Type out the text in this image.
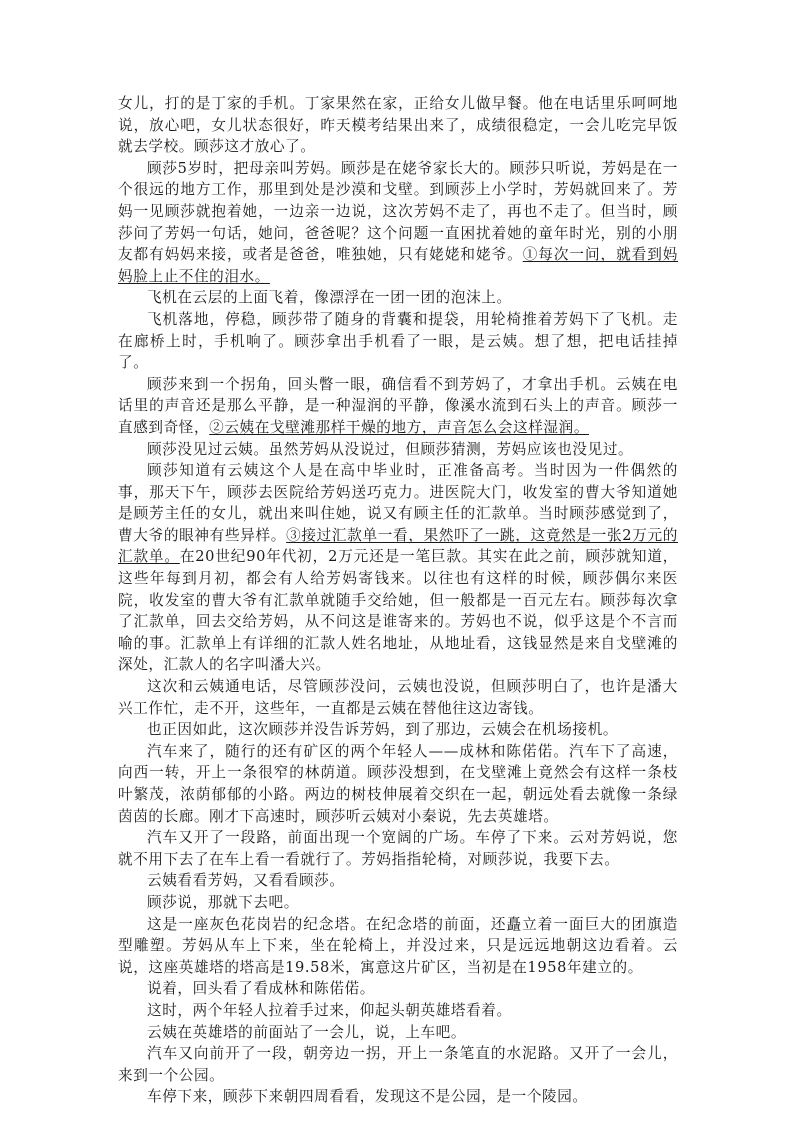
女儿，打的是丁家的手机。丁家果然在家，正给女儿做早餐。他在电话里乐呵呵地说，放心吧，女儿状态很好，昨天模考结果出来了，成绩很稳定，一会儿吃完早饭就去学校。顾莎这才放心了。

顾莎5岁时，把母亲叫芳妈。顾莎是在姥爷家长大的。顾莎只听说，芳妈是在一个很远的地方工作，那里到处是沙漠和戈壁。到顾莎上小学时，芳妈就回来了。芳妈一见顾莎就抱着她，一边亲一边说，这次芳妈不走了，再也不走了。但当时，顾莎问了芳妈一句话，她问，爸爸呢？这个问题一直困扰着她的童年时光，别的小朋友都有妈妈来接，或者是爸爸，唯独她，只有姥姥和姥爷。①每次一问，就看到妈妈脸上止不住的泪水。

飞机在云层的上面飞着，像漂浮在一团一团的泡沫上。

飞机落地，停稳，顾莎带了随身的背囊和提袋，用轮椅推着芳妈下了飞机。走在廊桥上时，手机响了。顾莎拿出手机看了一眼，是云姨。想了想，把电话挂掉了。

顾莎来到一个拐角，回头瞥一眼，确信看不到芳妈了，才拿出手机。云姨在电话里的声音还是那么平静，是一种湿润的平静，像溪水流到石头上的声音。顾莎一直感到奇怪，②云姨在戈壁滩那样干燥的地方，声音怎么会这样湿润。

顾莎没见过云姨。虽然芳妈从没说过，但顾莎猜测，芳妈应该也没见过。

顾莎知道有云姨这个人是在高中毕业时，正准备高考。当时因为一件偶然的事，那天下午，顾莎去医院给芳妈送巧克力。进医院大门，收发室的曹大爷知道她是顾芳主任的女儿，就出来叫住她，说又有顾主任的汇款单。当时顾莎感觉到了，曹大爷的眼神有些异样。③接过汇款单一看，果然吓了一跳，这竟然是一张2万元的汇款单。在20世纪90年代初，2万元还是一笔巨款。其实在此之前，顾莎就知道，这些年每到月初，都会有人给芳妈寄钱来。以往也有这样的时候，顾莎偶尔来医院，收发室的曹大爷有汇款单就随手交给她，但一般都是一百元左右。顾莎每次拿了汇款单，回去交给芳妈，从不问这是谁寄来的。芳妈也不说，似乎这是个不言而喻的事。汇款单上有详细的汇款人姓名地址，从地址看，这钱显然是来自戈壁滩的深处，汇款人的名字叫潘大兴。

这次和云姨通电话，尽管顾莎没问，云姨也没说，但顾莎明白了，也许是潘大兴工作忙，走不开，这些年，一直都是云姨在替他往这边寄钱。

也正因如此，这次顾莎并没告诉芳妈，到了那边，云姨会在机场接机。

汽车来了，随行的还有矿区的两个年轻人——成林和陈偌偌。汽车下了高速，向西一转，开上一条很窄的林荫道。顾莎没想到，在戈壁滩上竟然会有这样一条枝叶繁茂，浓荫郁郁的小路。两边的树枝伸展着交织在一起，朝远处看去就像一条绿茵茵的长廊。刚才下高速时，顾莎听云姨对小秦说，先去英雄塔。

汽车又开了一段路，前面出现一个宽阔的广场。车停了下来。云对芳妈说，您就不用下去了在车上看一看就行了。芳妈指指轮椅，对顾莎说，我要下去。

云姨看看芳妈，又看看顾莎。

顾莎说，那就下去吧。

这是一座灰色花岗岩的纪念塔。在纪念塔的前面，还矗立着一面巨大的团旗造型雕塑。芳妈从车上下来，坐在轮椅上，并没过来，只是远远地朝这边看着。云说，这座英雄塔的塔高是19.58米，寓意这片矿区，当初是在1958年建立的。

说着，回头看了看成林和陈偌偌。

这时，两个年轻人拉着手过来，仰起头朝英雄塔看着。

云姨在英雄塔的前面站了一会儿，说，上车吧。

汽车又向前开了一段，朝旁边一拐，开上一条笔直的水泥路。又开了一会儿，来到一个公园。

车停下来，顾莎下来朝四周看看，发现这不是公园，是一个陵园。
